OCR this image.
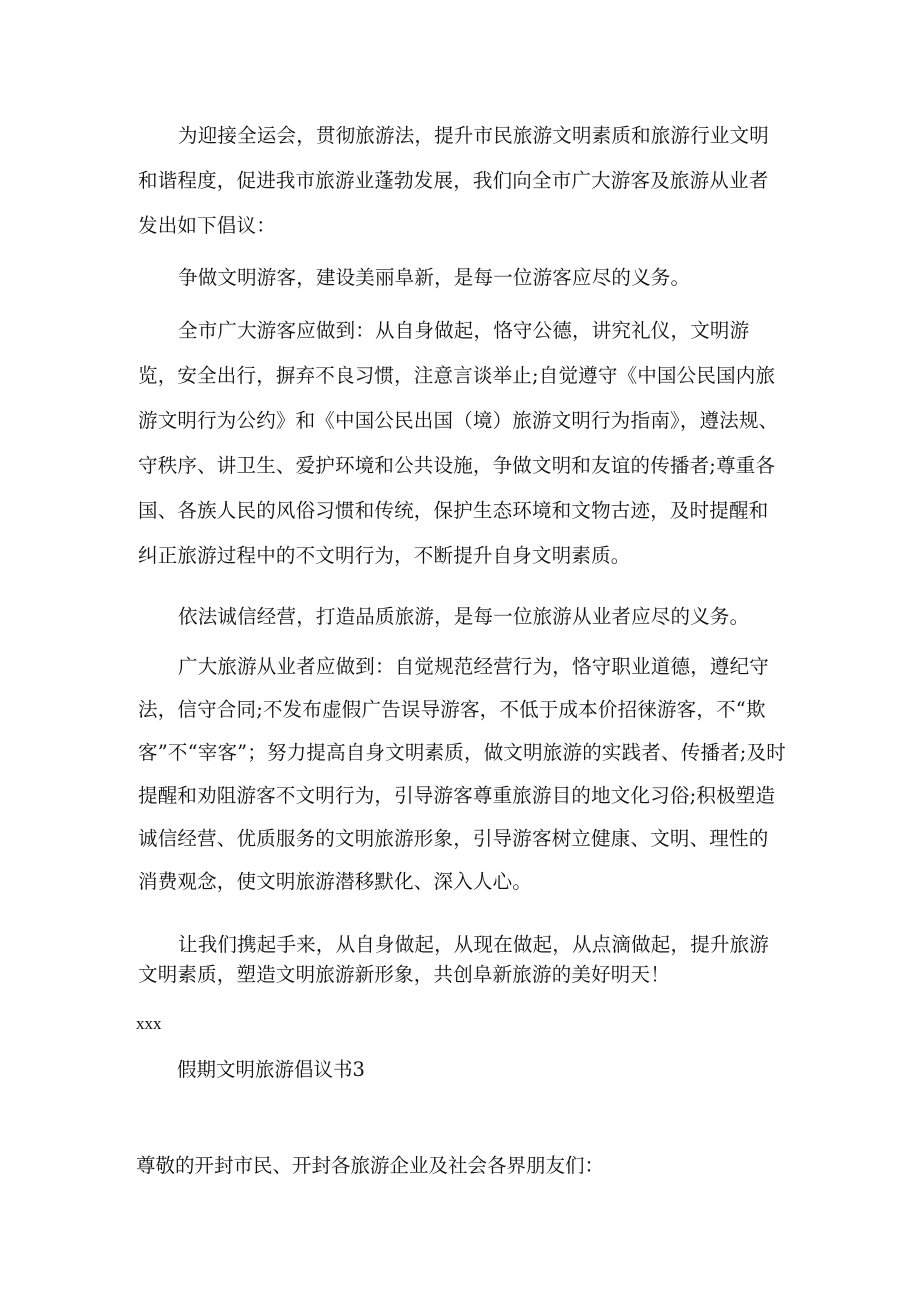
为迎接全运会，贯彻旅游法，提升市民旅游文明素质和旅游行业文明和谐程度，促进我市旅游业蓬勃发展，我们向全市广大游客及旅游从业者发出如下倡议：

争做文明游客，建设美丽阜新，是每一位游客应尽的义务。

全市广大游客应做到：从自身做起，恪守公德，讲究礼仪，文明游览，安全出行，摒弃不良习惯，注意言谈举止;自觉遵守《中国公民国内旅游文明行为公约》和《中国公民出国（境）旅游文明行为指南》，遵法规、守秩序、讲卫生、爱护环境和公共设施，争做文明和友谊的传播者;尊重各国、各族人民的风俗习惯和传统，保护生态环境和文物古迹，及时提醒和纠正旅游过程中的不文明行为，不断提升自身文明素质。

依法诚信经营，打造品质旅游，是每一位旅游从业者应尽的义务。

广大旅游从业者应做到：自觉规范经营行为，恪守职业道德，遵纪守法，信守合同;不发布虚假广告误导游客，不低于成本价招徕游客，不“欺客”不“宰客”；努力提高自身文明素质，做文明旅游的实践者、传播者;及时提醒和劝阻游客不文明行为，引导游客尊重旅游目的地文化习俗;积极塑造诚信经营、优质服务的文明旅游形象，引导游客树立健康、文明、理性的消费观念，使文明旅游潜移默化、深入人心。

让我们携起手来，从自身做起，从现在做起，从点滴做起，提升旅游文明素质，塑造文明旅游新形象，共创阜新旅游的美好明天！

xxx

假期文明旅游倡议书3

尊敬的开封市民、开封各旅游企业及社会各界朋友们：
